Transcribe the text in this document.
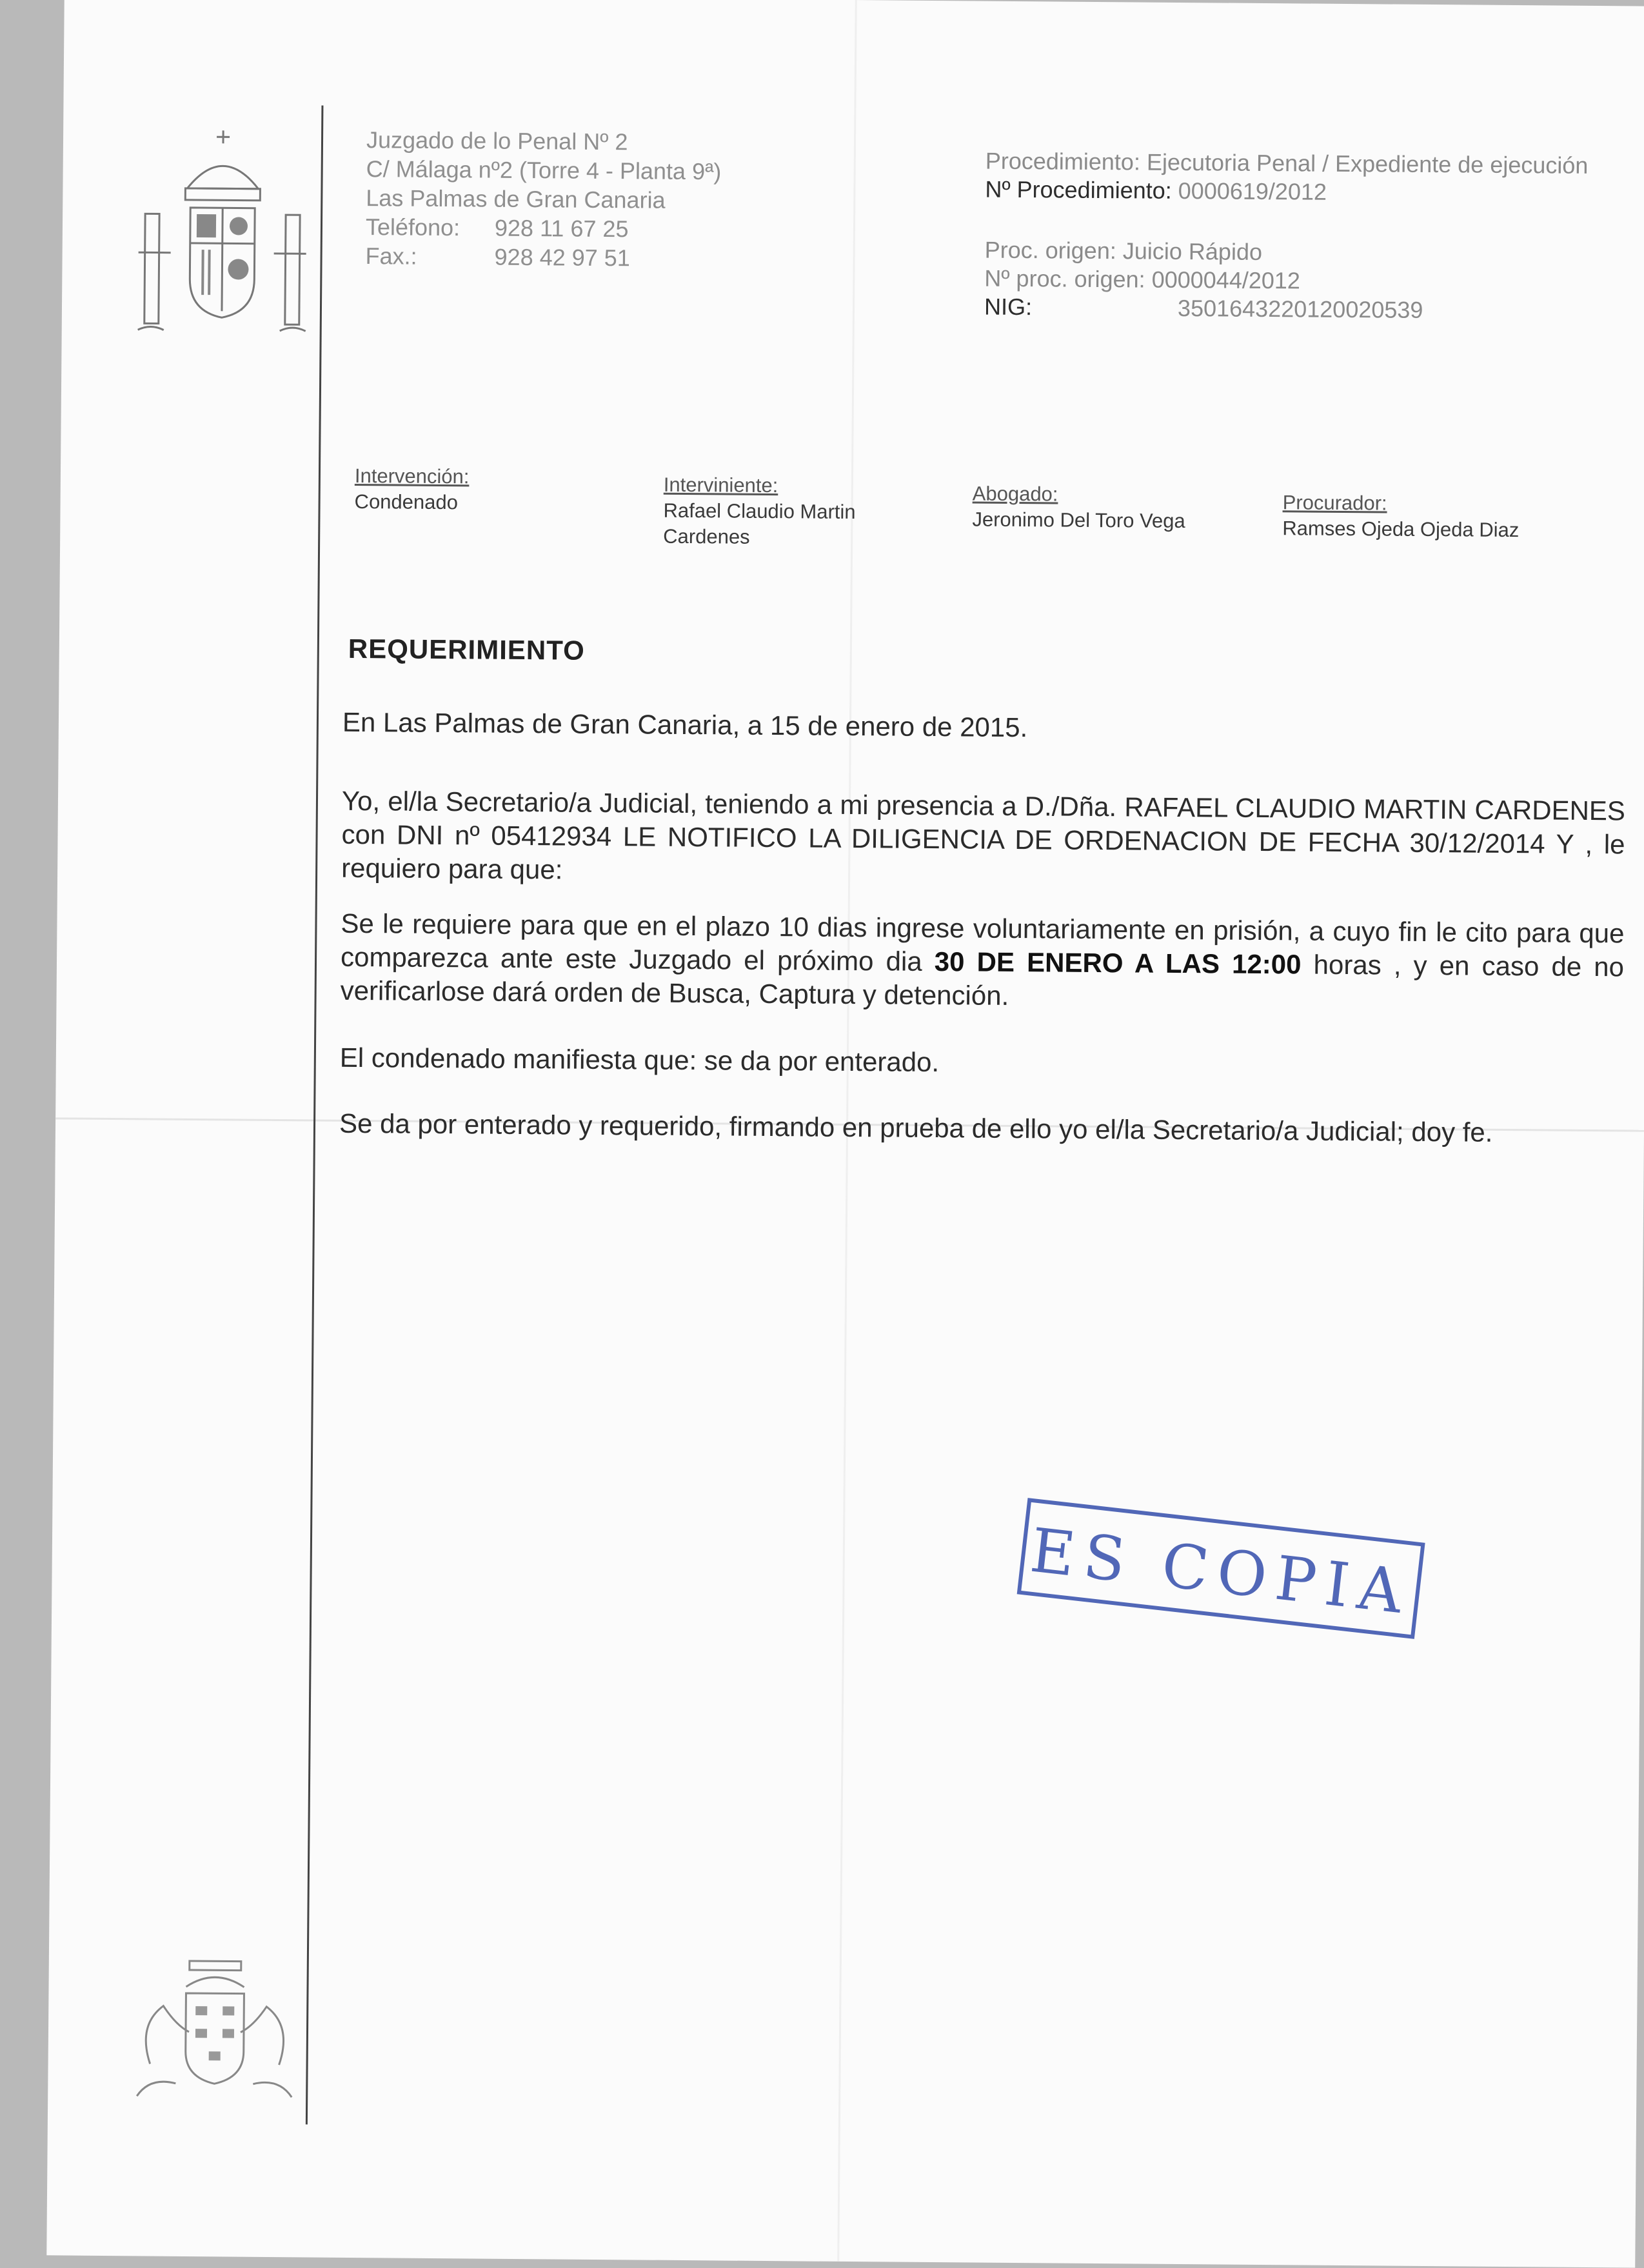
Juzgado de lo Penal Nº 2
C/ Málaga nº2 (Torre 4 - Planta 9ª)
Las Palmas de Gran Canaria
Teléfono: 928 11 67 25
Fax.:	928 42 97 51
Procedimiento: Ejecutoria Penal / Expediente de ejecución
Nº Procedimiento: 0000619/2012
Proc. origen: Juicio Rápido
Nº proc. origen: 0000044/2012
NIG:	3501643220120020539
Intervención:
Condenado
Interviniente:
Rafael Claudio Martin
Cardenes
Abogado:
Jeronimo Del Toro Vega
Procurador:
Ramses Ojeda Ojeda Diaz
REQUERIMIENTO
En Las Palmas de Gran Canaria, a 15 de enero de 2015.
Yo, el/la Secretario/a Judicial, teniendo a mi presencia a D./Dña. RAFAEL CLAUDIO MARTIN CARDENES con DNI nº 05412934 LE NOTIFICO LA DILIGENCIA DE ORDENACION DE FECHA 30/12/2014 Y , le requiero para que:
Se le requiere para que en el plazo 10 dias ingrese voluntariamente en prisión, a cuyo fin le cito para que comparezca ante este Juzgado el próximo dia 30 DE ENERO A LAS 12:00 horas , y en caso de no verificarlose dará orden de Busca, Captura y detención.
El condenado manifiesta que: se da por enterado.
Se da por enterado y requerido, firmando en prueba de ello yo el/la Secretario/a Judicial; doy fe.
ES COPIA
